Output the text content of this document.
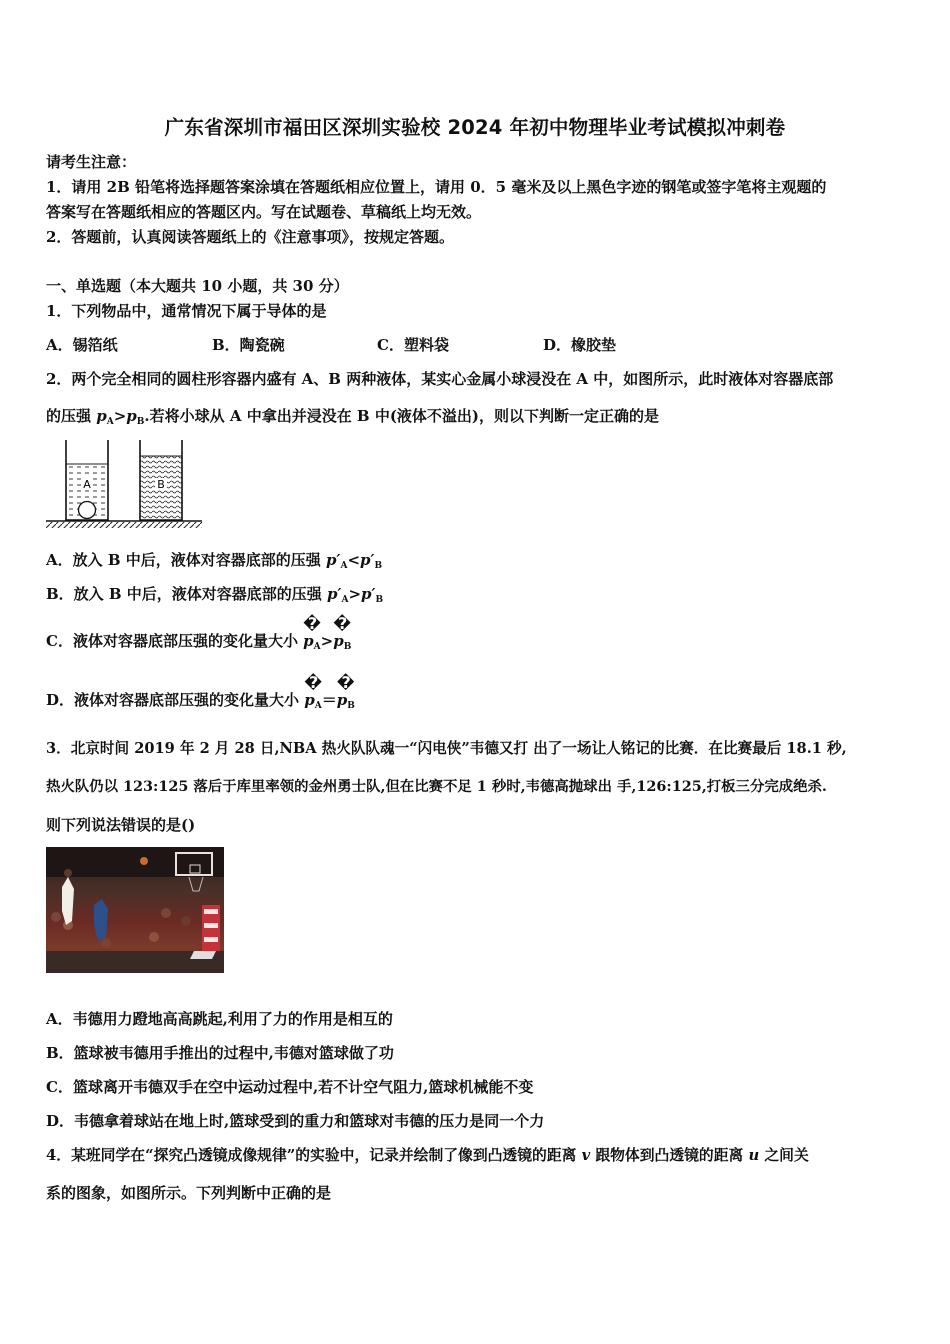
广东省深圳市福田区深圳实验校 2024 年初中物理毕业考试模拟冲刺卷
请考生注意：
1．请用 2B 铅笔将选择题答案涂填在答题纸相应位置上，请用 0．5 毫米及以上黑色字迹的钢笔或签字笔将主观题的
答案写在答题纸相应的答题区内。写在试题卷、草稿纸上均无效。
2．答题前，认真阅读答题纸上的《注意事项》，按规定答题。
一、单选题（本大题共 10 小题，共 30 分）
1．下列物品中，通常情况下属于导体的是
A．锡箔纸	B．陶瓷碗	C．塑料袋	D．橡胶垫
2．两个完全相同的圆柱形容器内盛有 A、B 两种液体，某实心金属小球浸没在 A 中，如图所示，此时液体对容器底部
的压强 $p_A>p_B$.若将小球从 A 中拿出并浸没在 B 中(液体不溢出)，则以下判断一定正确的是
A	B
A．放入 B 中后，液体对容器底部的压强 $p'_A<p'_B$
B．放入 B 中后，液体对容器底部的压强 $p'_A>p'_B$
C．液体对容器底部压强的变化量大小
�
$p_A>$
�
$p_B$
D．液体对容器底部压强的变化量大小
�
$p_A=$
�
$p_B$
3．北京时间 2019 年 2 月 28 日,NBA 热火队队魂一“闪电侠”韦德又打 出了一场让人铭记的比赛．在比赛最后 18.1 秒,
热火队仍以 123:125 落后于库里率领的金州勇士队,但在比赛不足 1 秒时,韦德高抛球出 手,126:125,打板三分完成绝杀.
则下列说法错误的是()
A．韦德用力蹬地高高跳起,利用了力的作用是相互的
B．篮球被韦德用手推出的过程中,韦德对篮球做了功
C．篮球离开韦德双手在空中运动过程中,若不计空气阻力,篮球机械能不变
D．韦德拿着球站在地上时,篮球受到的重力和篮球对韦德的压力是同一个力
4．某班同学在“探究凸透镜成像规律”的实验中，记录并绘制了像到凸透镜的距离 v 跟物体到凸透镜的距离 u 之间关
系的图象，如图所示。下列判断中正确的是
